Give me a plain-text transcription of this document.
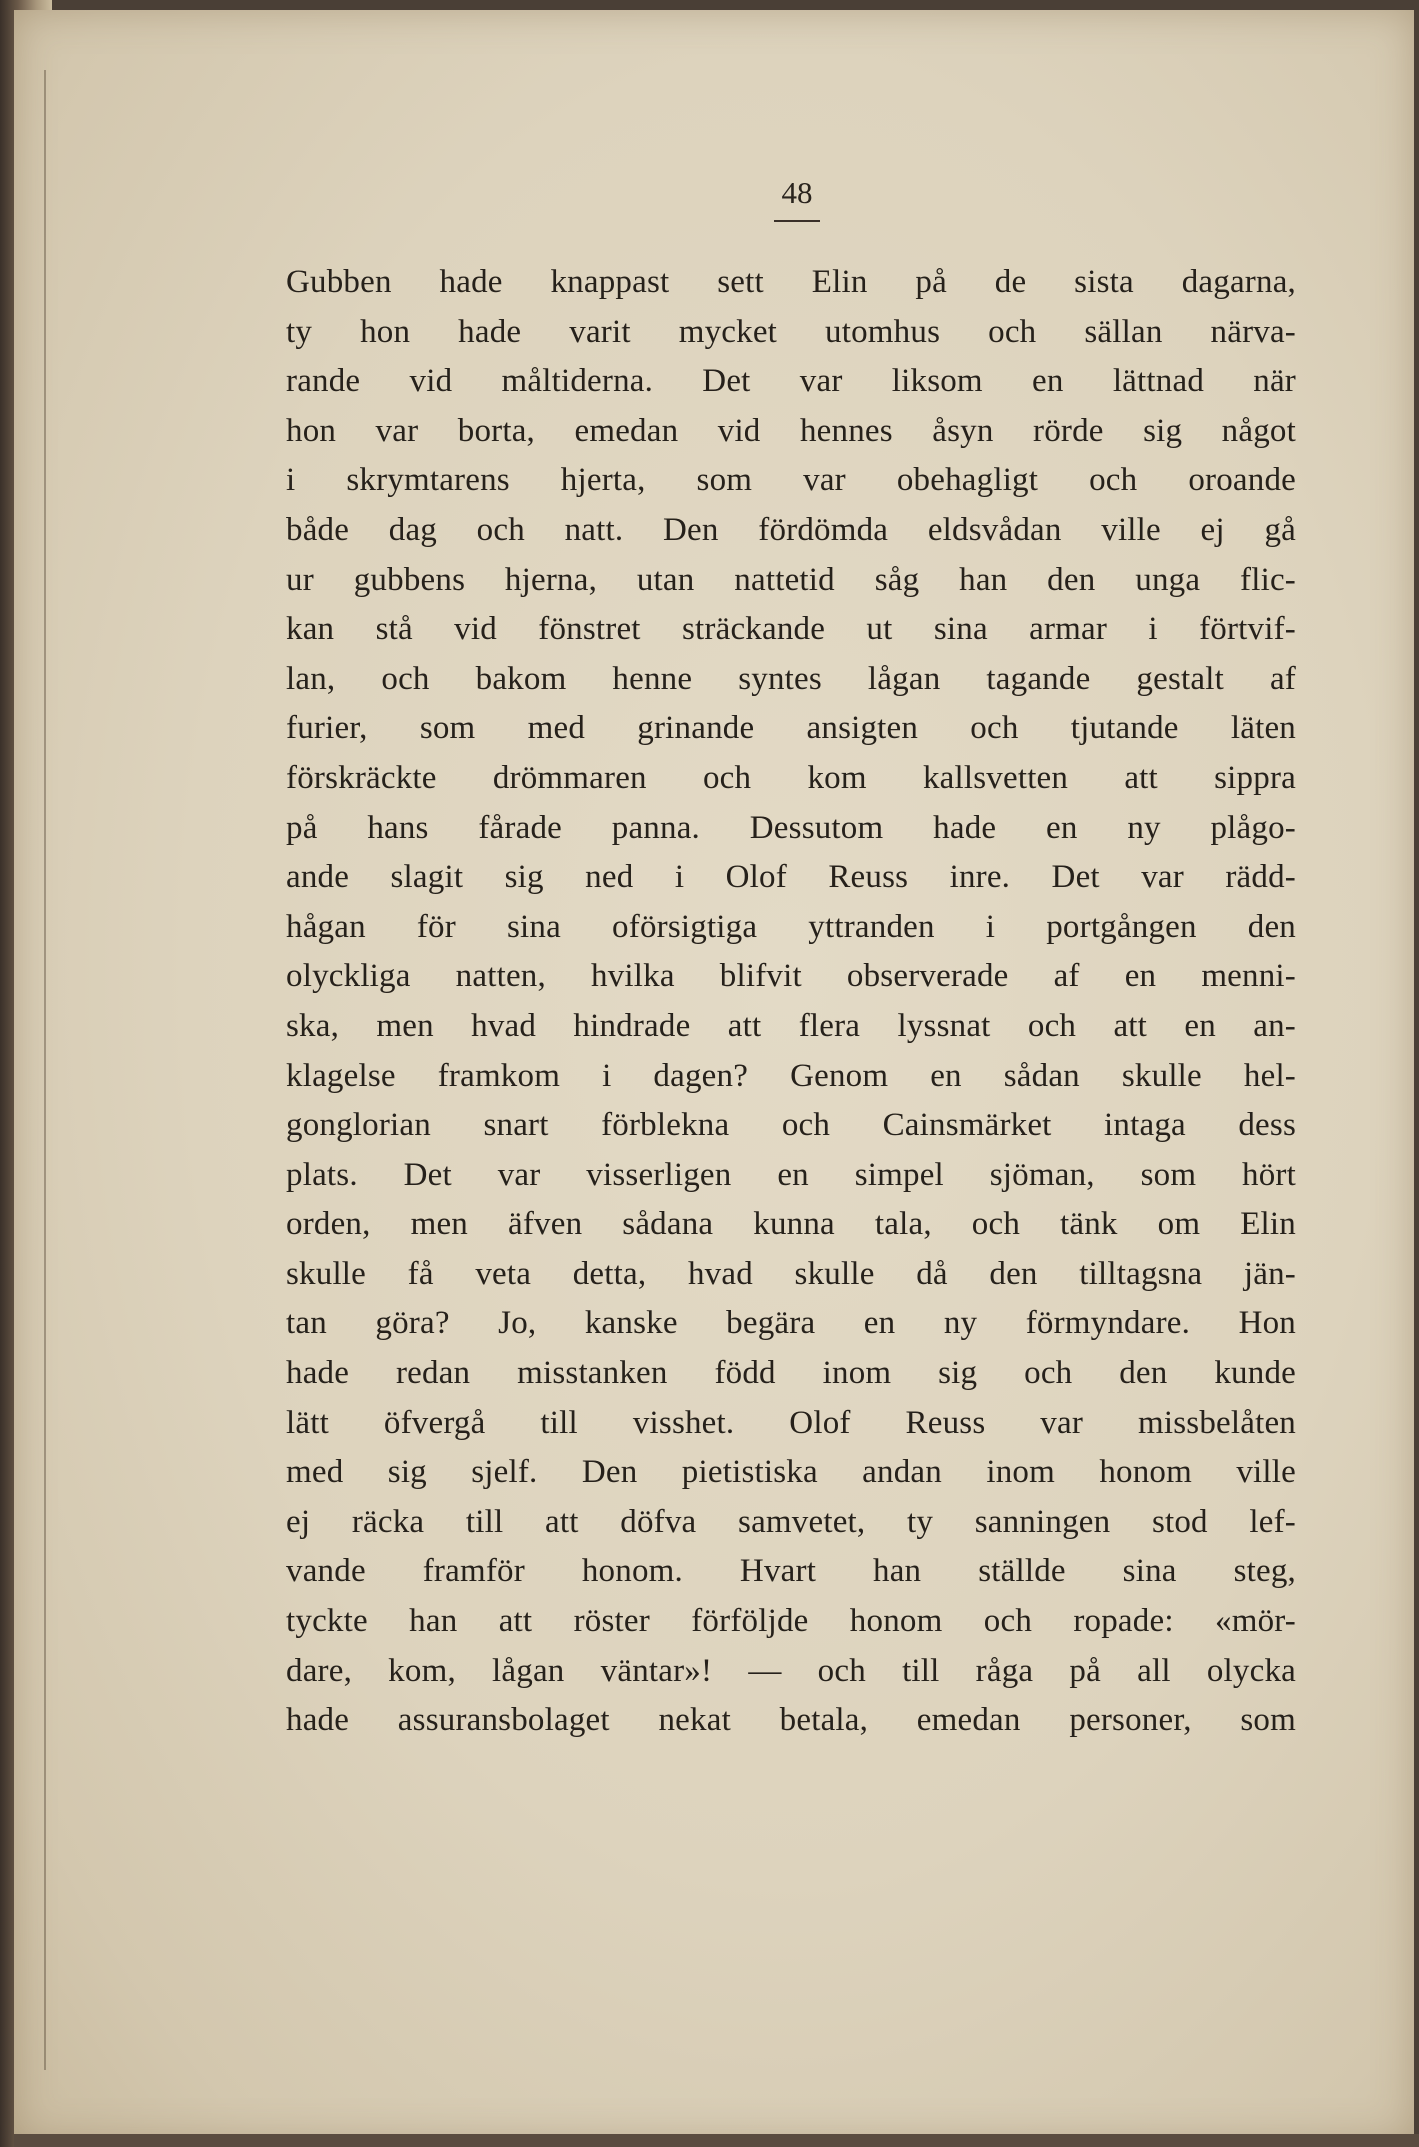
48

Gubben hade knappast sett Elin på de sista dagarna,
ty hon hade varit mycket utomhus och sällan närva-
rande vid måltiderna. Det var liksom en lättnad när
hon var borta, emedan vid hennes åsyn rörde sig något
i skrymtarens hjerta, som var obehagligt och oroande
både dag och natt. Den fördömda eldsvådan ville ej gå
ur gubbens hjerna, utan nattetid såg han den unga flic-
kan stå vid fönstret sträckande ut sina armar i förtvif-
lan, och bakom henne syntes lågan tagande gestalt af
furier, som med grinande ansigten och tjutande läten
förskräckte drömmaren och kom kallsvetten att sippra
på hans fårade panna. Dessutom hade en ny plågo-
ande slagit sig ned i Olof Reuss inre. Det var rädd-
hågan för sina oförsigtiga yttranden i portgången den
olyckliga natten, hvilka blifvit observerade af en menni-
ska, men hvad hindrade att flera lyssnat och att en an-
klagelse framkom i dagen? Genom en sådan skulle hel-
gonglorian snart förblekna och Cainsmärket intaga dess
plats. Det var visserligen en simpel sjöman, som hört
orden, men äfven sådana kunna tala, och tänk om Elin
skulle få veta detta, hvad skulle då den tilltagsna jän-
tan göra? Jo, kanske begära en ny förmyndare. Hon
hade redan misstanken född inom sig och den kunde
lätt öfvergå till visshet. Olof Reuss var missbelåten
med sig sjelf. Den pietistiska andan inom honom ville
ej räcka till att döfva samvetet, ty sanningen stod lef-
vande framför honom. Hvart han ställde sina steg,
tyckte han att röster förföljde honom och ropade: «mör-
dare, kom, lågan väntar»! — och till råga på all olycka
hade assuransbolaget nekat betala, emedan personer, som
